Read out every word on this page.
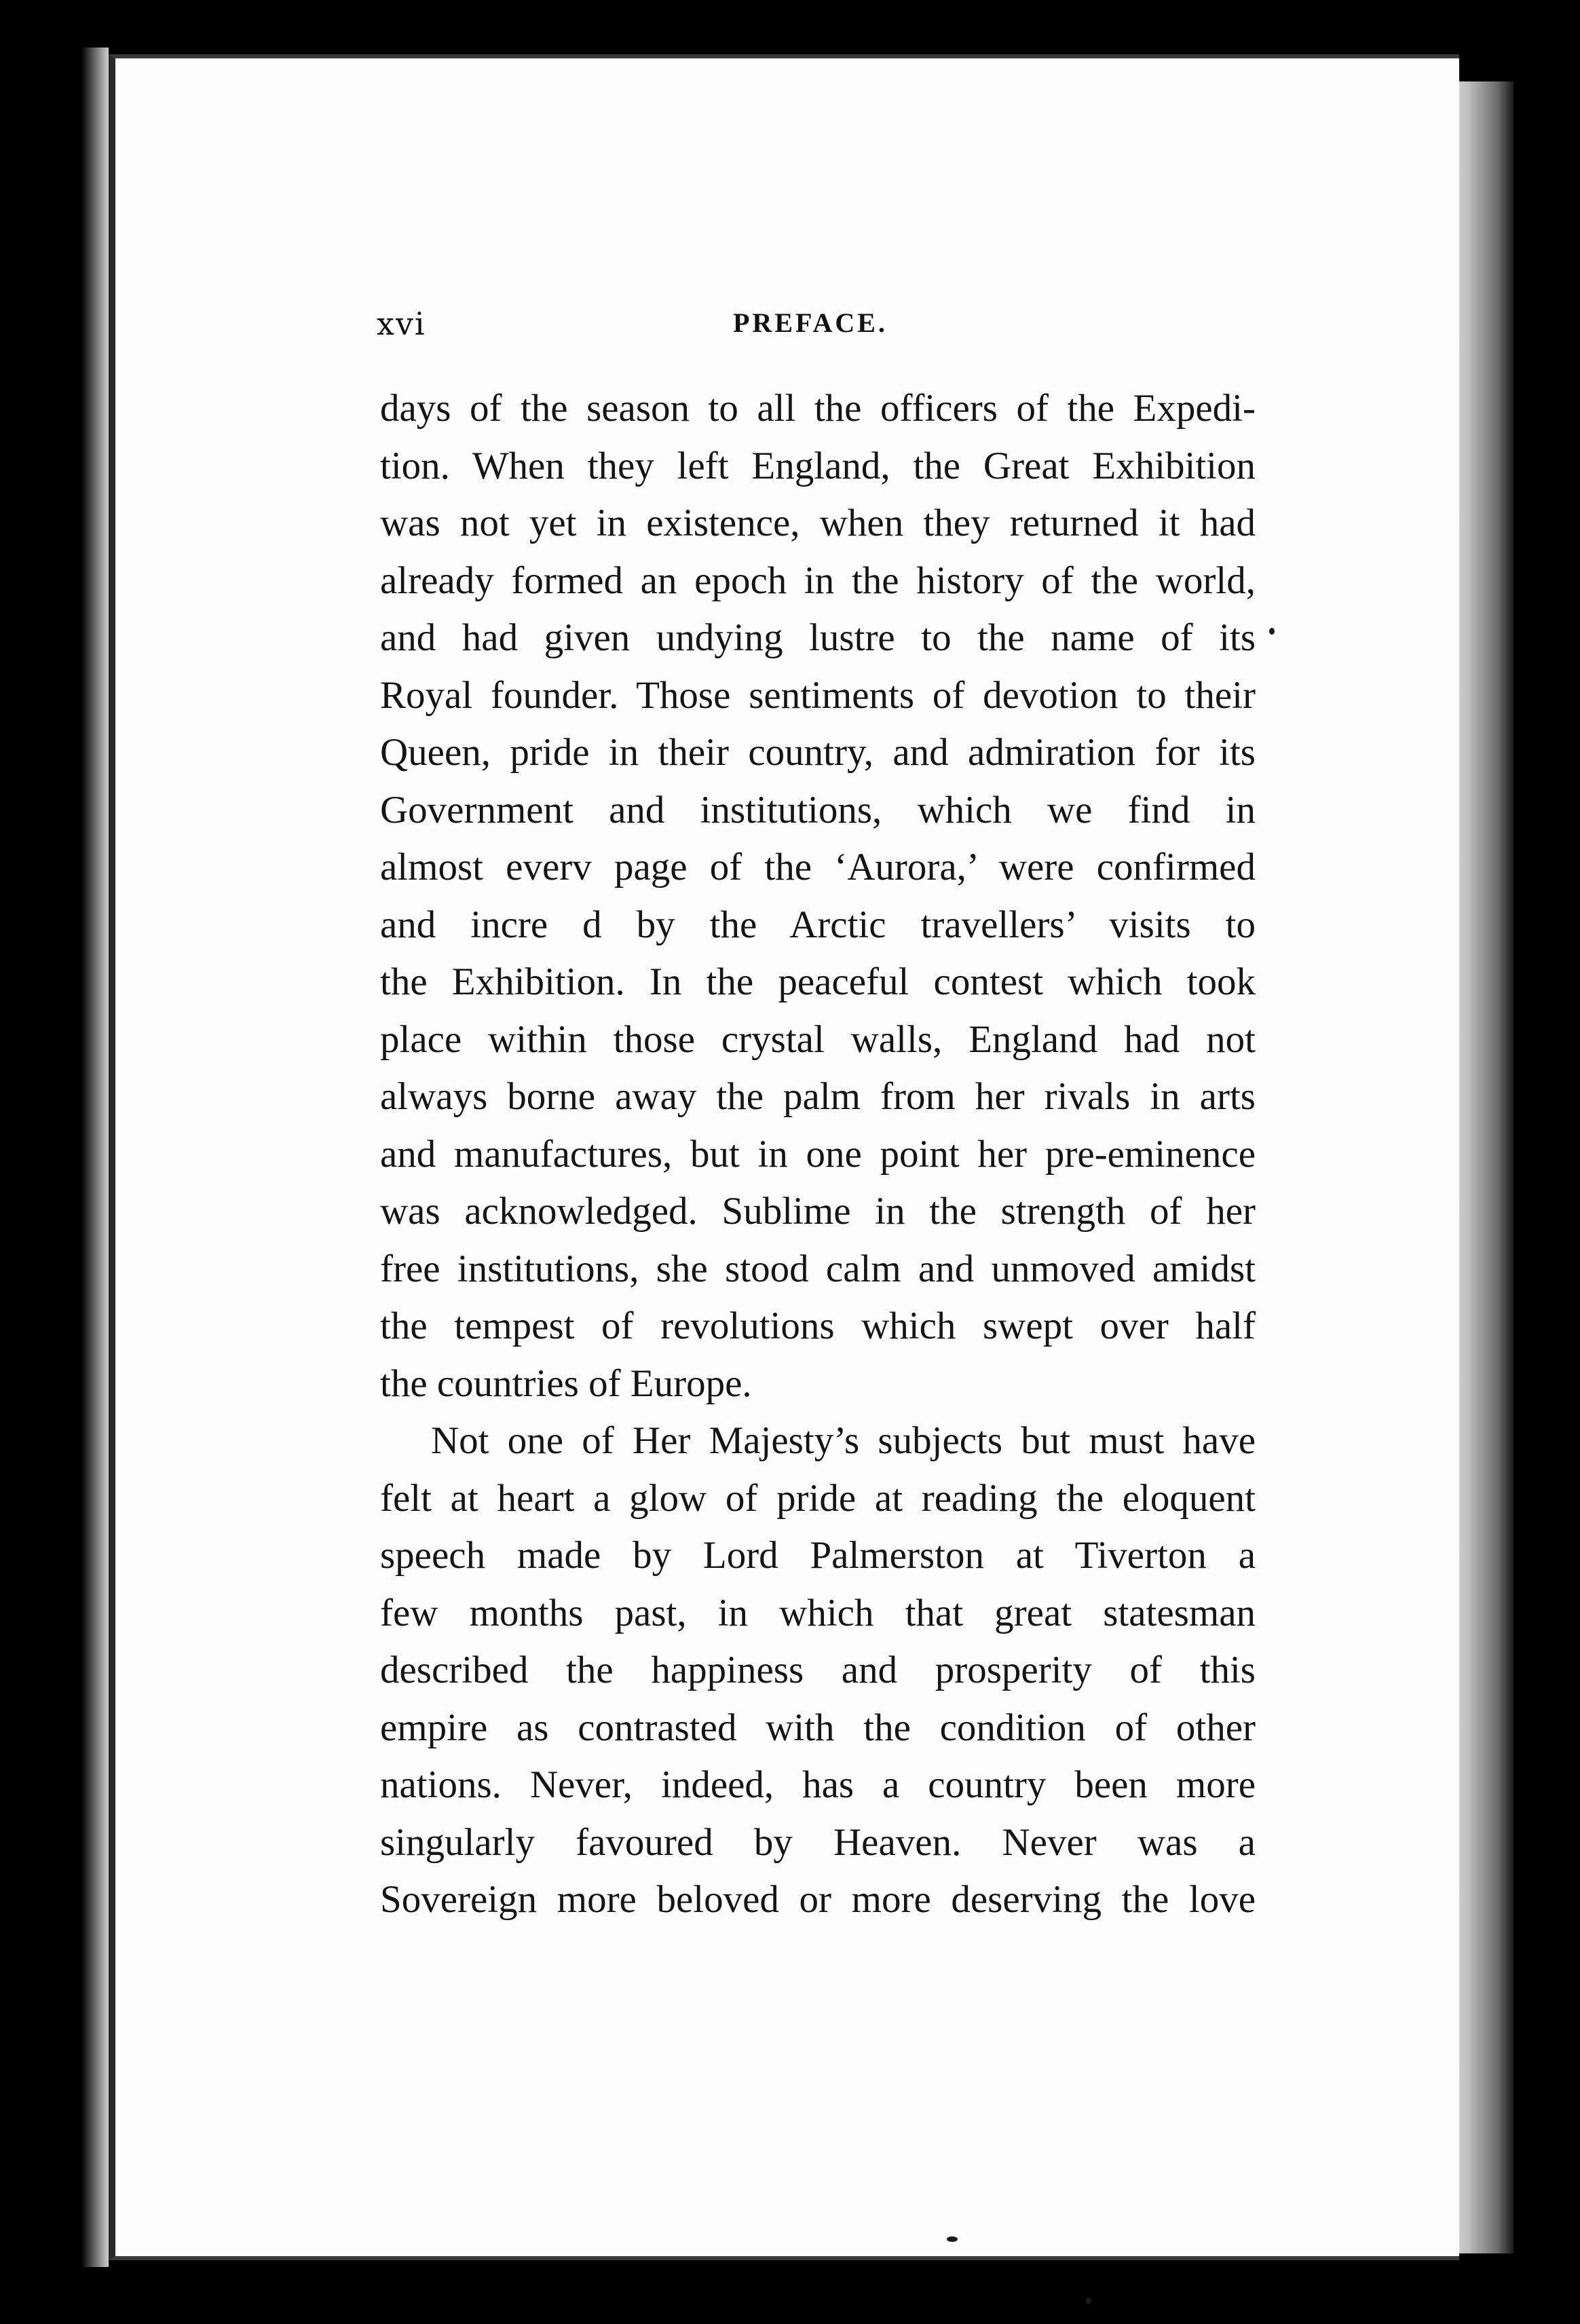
xvi	PREFACE.
days of the season to all the officers of the Expedi-
tion. When they left England, the Great Exhibition
was not yet in existence, when they returned it had
already formed an epoch in the history of the world,
and had given undying lustre to the name of its
Royal founder. Those sentiments of devotion to their
Queen, pride in their country, and admiration for its
Government and institutions, which we find in
almost everv page of the ‘Aurora,’ were confirmed
and incre d by the Arctic travellers’ visits to
the Exhibition. In the peaceful contest which took
place within those crystal walls, England had not
always borne away the palm from her rivals in arts
and manufactures, but in one point her pre-eminence
was acknowledged. Sublime in the strength of her
free institutions, she stood calm and unmoved amidst
the tempest of revolutions which swept over half
the countries of Europe.
Not one of Her Majesty’s subjects but must have
felt at heart a glow of pride at reading the eloquent
speech made by Lord Palmerston at Tiverton a
few months past, in which that great statesman
described the happiness and prosperity of this
empire as contrasted with the condition of other
nations. Never, indeed, has a country been more
singularly favoured by Heaven. Never was a
Sovereign more beloved or more deserving the love
